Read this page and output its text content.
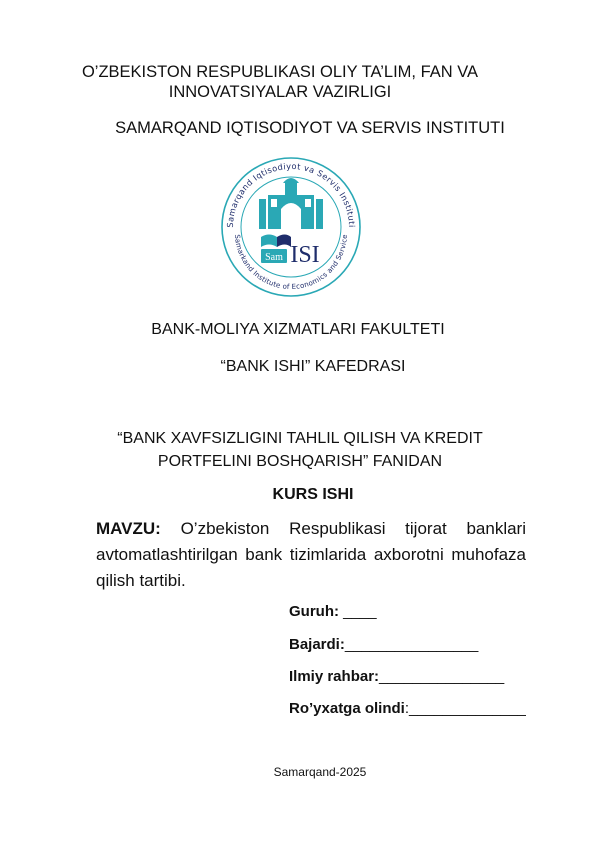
O’ZBEKISTON RESPUBLIKASI OLIY TA’LIM, FAN VA INNOVATSIYALAR VAZIRLIGI
SAMARQAND IQTISODIYOT VA SERVIS INSTITUTI
Samarqand Iqtisodiyot va Servis Instituti
Samarkand Institute of Economics and Service
Sam ISI
BANK-MOLIYA XIZMATLARI FAKULTETI
“BANK ISHI” KAFEDRASI
“BANK XAVFSIZLIGINI TAHLIL QILISH VA KREDIT PORTFELINI BOSHQARISH” FANIDAN
KURS ISHI
MAVZU: O’zbekiston Respublikasi tijorat banklari avtomatlashtirilgan bank tizimlarida axborotni muhofaza qilish tartibi.
Guruh: ____
Bajardi:________________
Ilmiy rahbar:_______________
Ro’yxatga olindi:______________
Samarqand-2025
